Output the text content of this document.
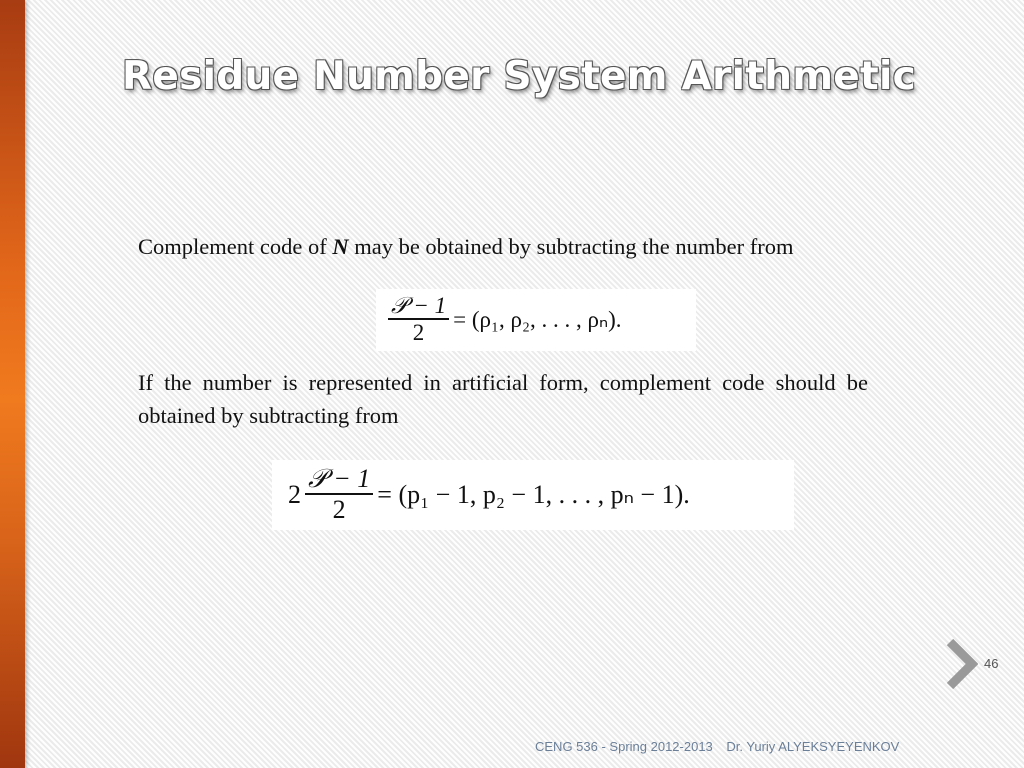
Residue Number System Arithmetic

Complement code of N may be obtained by subtracting the number from

$\frac{\text{𝒫 − 1}}{2} = (\rho_1$, ρ₂, . . . , ρₙ).

If the number is represented in artificial form, complement code should be obtained by subtracting from

$2 \frac{\text{𝒫 − 1}}{2} = (p_1 - 1$, p₂ − 1, . . . , pₙ − 1).
46
CENG 536 - Spring 2012-2013 Dr. Yuriy ALYEKSYEYENKOV
